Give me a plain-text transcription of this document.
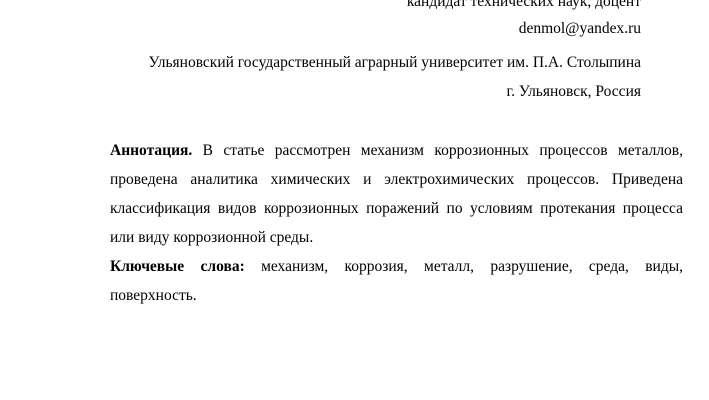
кандидат технических наук, доцент
denmol@yandex.ru
Ульяновский государственный аграрный университет им. П.А. Столыпина
г. Ульяновск, Россия
Аннотация. В статье рассмотрен механизм коррозионных процессов металлов, проведена аналитика химических и электрохимических процессов. Приведена классификация видов коррозионных поражений по условиям протекания процесса или виду коррозионной среды.
Ключевые слова: механизм, коррозия, металл, разрушение, среда, виды, поверхность.
